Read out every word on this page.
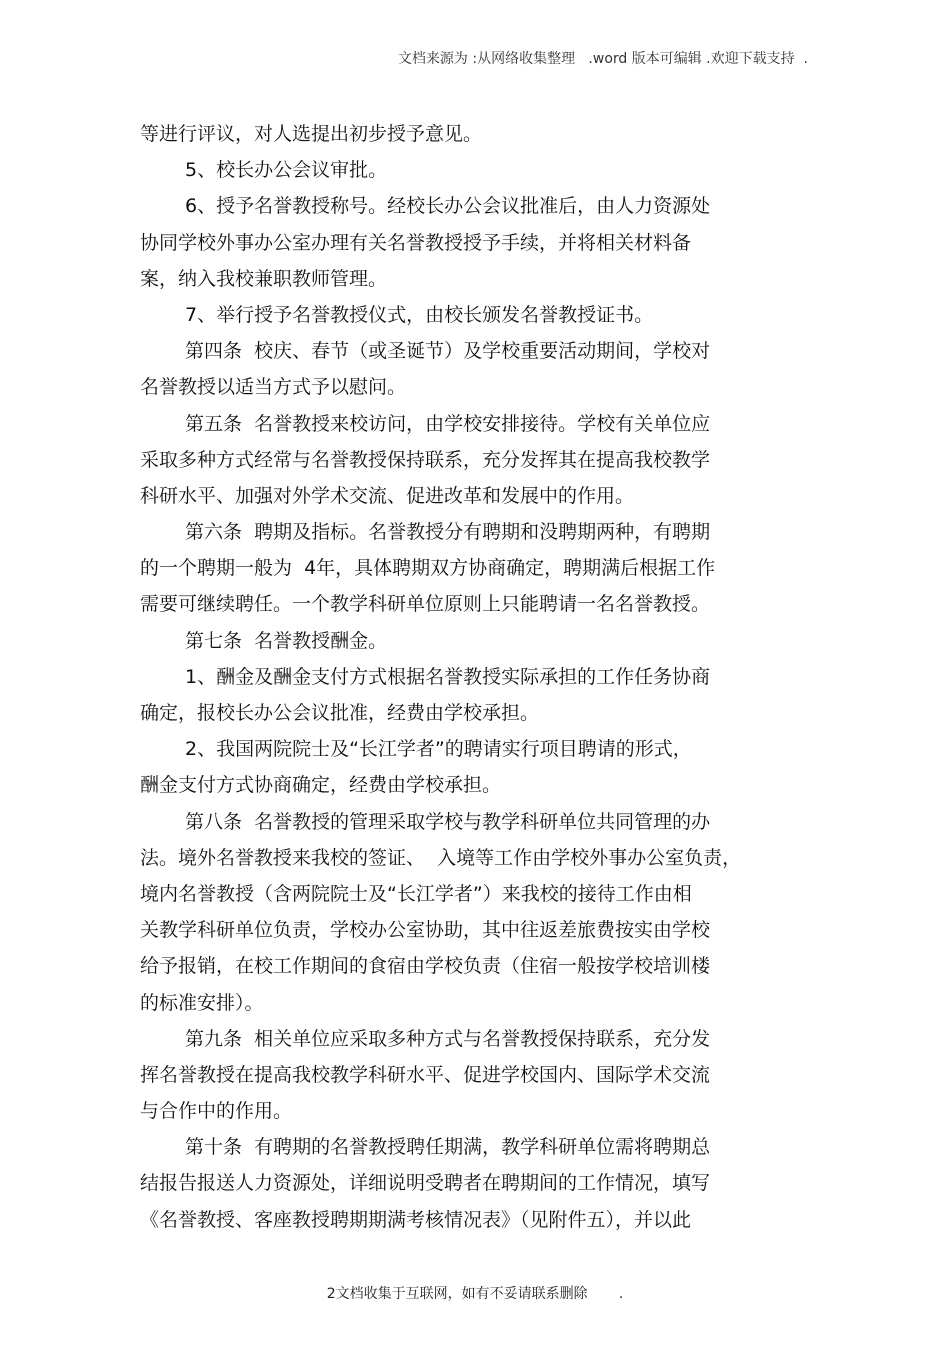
文档来源为 :从网络收集整理   .word 版本可编辑 .欢迎下载支持  .
等进行评议，对人选提出初步授予意见。
5、校长办公会议审批。
6、授予名誉教授称号。经校长办公会议批准后，由人力资源处
协同学校外事办公室办理有关名誉教授授予手续，并将相关材料备
案，纳入我校兼职教师管理。
7、举行授予名誉教授仪式，由校长颁发名誉教授证书。
第四条  校庆、春节（或圣诞节）及学校重要活动期间，学校对
名誉教授以适当方式予以慰问。
第五条  名誉教授来校访问，由学校安排接待。学校有关单位应
采取多种方式经常与名誉教授保持联系，充分发挥其在提高我校教学
科研水平、加强对外学术交流、促进改革和发展中的作用。
第六条  聘期及指标。名誉教授分有聘期和没聘期两种，有聘期
的一个聘期一般为  4年，具体聘期双方协商确定，聘期满后根据工作
需要可继续聘任。一个教学科研单位原则上只能聘请一名名誉教授。
第七条  名誉教授酬金。
1、酬金及酬金支付方式根据名誉教授实际承担的工作任务协商
确定，报校长办公会议批准，经费由学校承担。
2、我国两院院士及“长江学者”的聘请实行项目聘请的形式，
酬金支付方式协商确定，经费由学校承担。
第八条  名誉教授的管理采取学校与教学科研单位共同管理的办
法。境外名誉教授来我校的签证、  入境等工作由学校外事办公室负责，
境内名誉教授（含两院院士及“长江学者”）来我校的接待工作由相
关教学科研单位负责，学校办公室协助，其中往返差旅费按实由学校
给予报销，在校工作期间的食宿由学校负责（住宿一般按学校培训楼
的标准安排）。
第九条  相关单位应采取多种方式与名誉教授保持联系，充分发
挥名誉教授在提高我校教学科研水平、促进学校国内、国际学术交流
与合作中的作用。
第十条  有聘期的名誉教授聘任期满，教学科研单位需将聘期总
结报告报送人力资源处，详细说明受聘者在聘期间的工作情况，填写
《名誉教授、客座教授聘期期满考核情况表》（见附件五），并以此
2文档收集于互联网，如有不妥请联系删除       .
